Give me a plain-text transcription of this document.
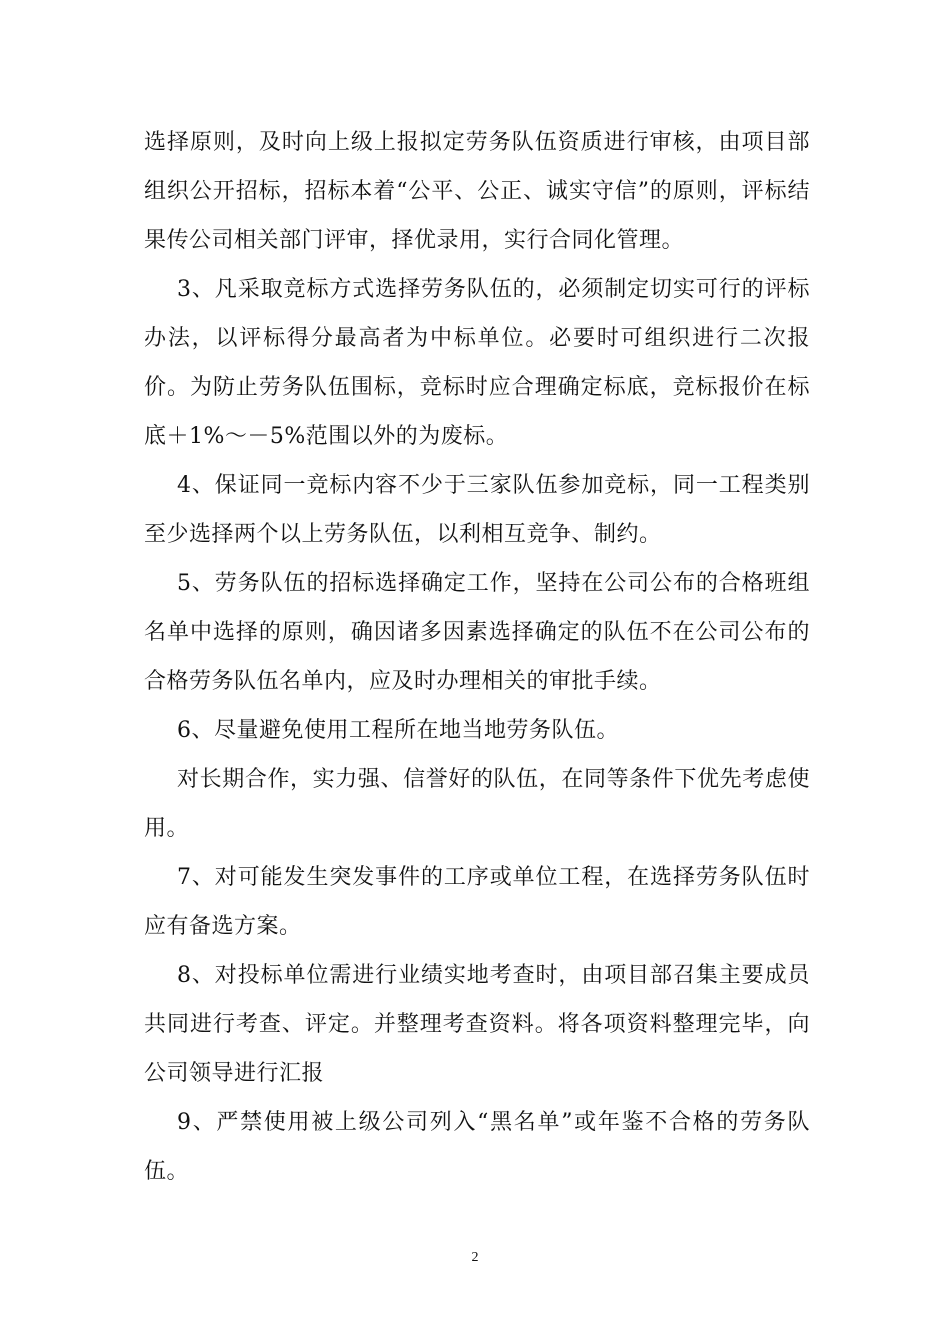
选择原则，及时向上级上报拟定劳务队伍资质进行审核，由项目部组织公开招标，招标本着“公平、公正、诚实守信”的原则，评标结果传公司相关部门评审，择优录用，实行合同化管理。

3、凡采取竞标方式选择劳务队伍的，必须制定切实可行的评标办法，以评标得分最高者为中标单位。必要时可组织进行二次报价。为防止劳务队伍围标，竞标时应合理确定标底，竞标报价在标底＋1%～－5%范围以外的为废标。

4、保证同一竞标内容不少于三家队伍参加竞标，同一工程类别至少选择两个以上劳务队伍，以利相互竞争、制约。

5、劳务队伍的招标选择确定工作，坚持在公司公布的合格班组名单中选择的原则，确因诸多因素选择确定的队伍不在公司公布的合格劳务队伍名单内，应及时办理相关的审批手续。

6、尽量避免使用工程所在地当地劳务队伍。

对长期合作，实力强、信誉好的队伍，在同等条件下优先考虑使用。

7、对可能发生突发事件的工序或单位工程，在选择劳务队伍时应有备选方案。

8、对投标单位需进行业绩实地考查时，由项目部召集主要成员共同进行考查、评定。并整理考查资料。将各项资料整理完毕，向公司领导进行汇报

9、严禁使用被上级公司列入“黑名单”或年鉴不合格的劳务队伍。

2
